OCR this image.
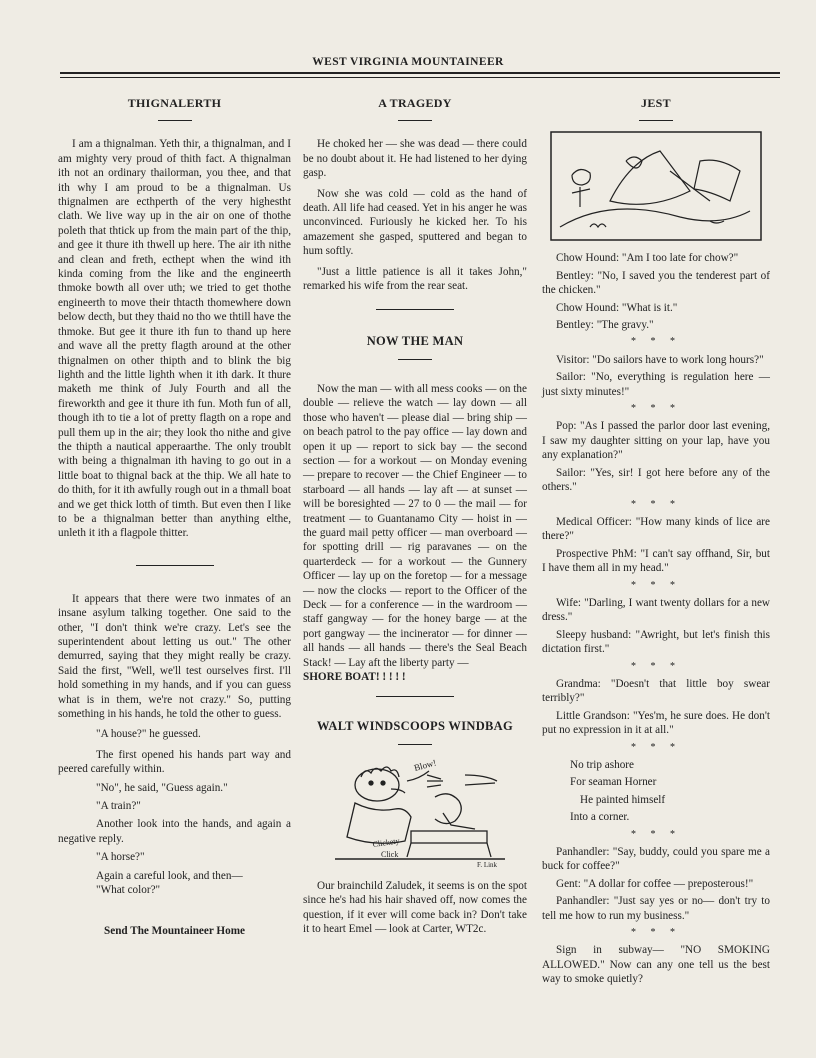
WEST VIRGINIA MOUNTAINEER

THIGNALERTH

I am a thignalman. Yeth thir, a thignalman, and I am mighty very proud of thith fact. A thignalman ith not an ordinary thailorman, you thee, and that ith why I am proud to be a thignalman. Us thignalmen are ecthperth of the very highestht clath. We live way up in the air on one of thothe poleth that thtick up from the main part of the thip, and gee it thure ith thwell up here. The air ith nithe and clean and freth, ecthept when the wind ith kinda coming from the like and the engineerth thmoke bowth all over uth; we tried to get thothe engineerth to move their thtacth thomewhere down below decth, but they thaid no tho we thtill have the thmoke. But gee it thure ith fun to thand up here and wave all the pretty flagth around at the other thignalmen on other thipth and to blink the big lighth and the little lighth when it ith dark. It thure maketh me think of July Fourth and all the fireworkth and gee it thure ith fun. Moth fun of all, though ith to tie a lot of pretty flagth on a rope and pull them up in the air; they look tho nithe and give the thipth a nautical apperaarthe. The only troublt with being a thignalman ith having to go out in a little boat to thignal back at the thip. We all hate to do thith, for it ith awfully rough out in a thmall boat and we get thick lotth of timth. But even then I like to be a thignalman better than anything elthe, unleth it ith a flagpole thitter.

It appears that there were two inmates of an insane asylum talking together. One said to the other, "I don't think we're crazy. Let's see the superintendent about letting us out." The other demurred, saying that they might really be crazy. Said the first, "Well, we'll test ourselves first. I'll hold something in my hands, and if you can guess what is in them, we're not crazy." So, putting something in his hands, he told the other to guess.

"A house?" he guessed.

The first opened his hands part way and peered carefully within.

"No", he said, "Guess again."

"A train?"

Another look into the hands, and again a negative reply.

"A horse?"

Again a careful look, and then—

"What color?"

Send The Mountaineer Home

A TRAGEDY

He choked her — she was dead — there could be no doubt about it. He had listened to her dying gasp.

Now she was cold — cold as the hand of death. All life had ceased. Yet in his anger he was unconvinced. Furiously he kicked her. To his amazement she gasped, sputtered and began to hum softly.

"Just a little patience is all it takes John," remarked his wife from the rear seat.

NOW THE MAN

Now the man — with all mess cooks — on the double — relieve the watch — lay down — all those who haven't — please dial — bring ship — on beach patrol to the pay office — lay down and open it up — report to sick bay — the second section — for a workout — on Monday evening — prepare to recover — the Chief Engineer — to starboard — all hands — lay aft — at sunset — will be boresighted — 27 to 0 — the mail — for treatment — to Guantanamo City — hoist in — the guard mail petty officer — man overboard — for spotting drill — rig paravanes — on the quarterdeck — for a workout — the Gunnery Officer — lay up on the foretop — for a message — now the clocks — report to the Officer of the Deck — for a conference — in the wardroom — staff gangway — for the honey barge — at the port gangway — the incinerator — for dinner — all hands — all hands — there's the Seal Beach Stack! — Lay aft the liberty party —

SHORE BOAT! ! ! ! !

WALT WINDSCOOPS WINDBAG

Blow!
Clickety
Click
F. Link

Our brainchild Zaludek, it seems is on the spot since he's had his hair shaved off, now comes the question, if it ever will come back in? Don't take it to heart Emel — look at Carter, WT2c.

JEST

Chow Hound: "Am I too late for chow?"

Bentley: "No, I saved you the tenderest part of the chicken."

Chow Hound: "What is it."

Bentley: "The gravy."

* * *

Visitor: "Do sailors have to work long hours?"

Sailor: "No, everything is regulation here — just sixty minutes!"

* * *

Pop: "As I passed the parlor door last evening, I saw my daughter sitting on your lap, have you any explanation?"

Sailor: "Yes, sir! I got here before any of the others."

* * *

Medical Officer: "How many kinds of lice are there?"

Prospective PhM: "I can't say offhand, Sir, but I have them all in my head."

* * *

Wife: "Darling, I want twenty dollars for a new dress."

Sleepy husband: "Awright, but let's finish this dictation first."

* * *

Grandma: "Doesn't that little boy swear terribly?"

Little Grandson: "Yes'm, he sure does. He don't put no expression in it at all."

* * *

No trip ashore

For seaman Horner

He painted himself

Into a corner.

* * *

Panhandler: "Say, buddy, could you spare me a buck for coffee?"

Gent: "A dollar for coffee — preposterous!"

Panhandler: "Just say yes or no— don't try to tell me how to run my business."

* * *

Sign in subway— "NO SMOKING ALLOWED." Now can any one tell us the best way to smoke quietly?
